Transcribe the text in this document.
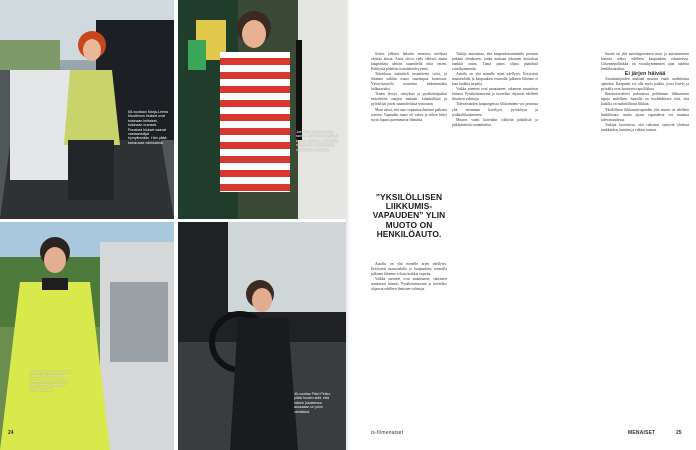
68-vuotiaan Marja-Leena Muottimon hiukset ovat toisinaan keltaiset, toisinaan oranssit. Punaiset hiukset saavat vastaantulijat hymyilemään. Hän pitää katukuvaa värikkäänä.
Joensuun Kaisa Ikonen sanoo, että hänen tyyliinsä kuuluu rohkeus. Hän pitää raidallisista vaatteista ja värikkäistä mekoista.
Tuuli Lehtiö on 35-vuotias kuvittaja. Hänestä on mukava kuunnella omia tuntojaan ja pukeutua niiden mukaan.
40-vuotias Päivi Pirkko pitää huolen siitä, että hänen jokaisessa asussaan on jokin väriläiskä.
24

Sotien jälkeen halutiin monessa mielessä aloittaa alusta. Autot olivat vielä vähissä, mutta kaupunkeja alettiin suunnitella niitä varten. Kehitystä pidettiin itsestäänselvyytenä.

Tehokkuus määritteli insinöörien työtä, ja liikenne nähtiin osana suurempaa koneistoa. Yksityisautoilu nostettiin tärkeimmäksi kulkutavaksi.

Teiden leveys, risteykset ja pysäköintipaikat mitoitettiin autojen mukaan. Jalankulkijat ja pyöräilijät jäivät suunnittelussa sivuosaan.

Moni uskoi, että auto vapauttaa ihmisen paikasta toiseen. Vapauden tunne oli vahva ja siihen liittyi myös lupaus paremmasta elämästä.

”YKSILÖLLISEN LIIKKUMIS-VAPAUDEN” YLIN MUOTO ON HENKILÖAUTO.

Tutkija muistuttaa, että kaupunkisuunnittelu perustui pitkään oletukseen, jonka mukaan jokainen kotitalous hankkii auton. Tämä ajatus ohjasi päätöksiä vuosikymmeniä.

Autoilu on yhä monelle arjen edellytys. Erityisesti maaseudulla ja kaupunkien reunoilla julkinen liikenne ei kata kaikkia tarpeita.

Vaikka asenteet ovat muuttuneet, rakenteet muuttuvat hitaasti. Pysäköintinormit ja tieverkko ohjaavat edelleen ihmisten valintoja.

Tulevaisuuden kaupungeissa liikkuminen voi perustua yhä enemmän kävelyyn, pyöräilyyn ja joukkoliikenteeseen.

Muutos vaatii kuitenkin rohkeita päätöksiä ja pitkäjänteistä suunnittelua.

Suomi on yhä autoriippuvainen maa, ja autoistumisen historia näkyy edelleen kaupunkien rakenteessa. Liikennepolitiikka on vuosikymmenten ajan tukenut henkilöautoilua.

Ei järjen häivää

Asiantuntijoiden mukaan muutos vaatii uudenlaista ajattelua. Kaupunki voi olla myös paikka, jossa kävely ja pyöräily ovat luontevin tapa liikkua.

Ilmastotavoitteet pakottavat pohtimaan liikkumisen tapoja uudelleen. Samalla on huolehdittava siitä, että kaikilla on mahdollisuus liikkua.

Yksilöllisen liikkumisvapauden ylin muoto on edelleen henkilöauto, mutta ajatus vapaudesta voi muuttua tulevaisuudessa.

Tutkijat korostavat, että ratkaisut syntyvät yhdessä asukkaiden, kuntien ja valtion kanssa.

Autoilu on yhä monelle arjen edellytys. Erityisesti maaseudulla ja kaupunkien reunoilla julkinen liikenne ei kata kaikkia tarpeita.

Vaikka asenteet ovat muuttuneet, rakenteet muuttuvat hitaasti. Pysäköintinormit ja tieverkko ohjaavat edelleen ihmisten valintoja.

is-fi/menaiset	MENAISET	25
